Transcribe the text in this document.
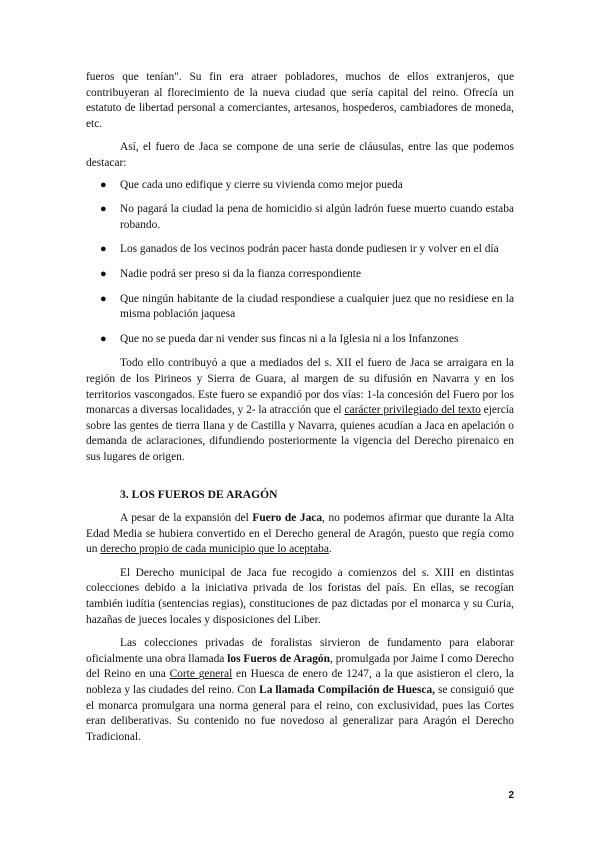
fueros que tenían". Su fin era atraer pobladores, muchos de ellos extranjeros, que contribuyeran al florecimiento de la nueva ciudad que sería capital del reino. Ofrecía un estatuto de libertad personal a comerciantes, artesanos, hospederos, cambiadores de moneda, etc.

Así, el fuero de Jaca se compone de una serie de cláusulas, entre las que podemos destacar:

● Que cada uno edifique y cierre su vivienda como mejor pueda
● No pagará la ciudad la pena de homicidio si algún ladrón fuese muerto cuando estaba robando.
● Los ganados de los vecinos podrán pacer hasta donde pudiesen ir y volver en el día
● Nadie podrá ser preso si da la fianza correspondiente
● Que ningún habitante de la ciudad respondiese a cualquier juez que no residiese en la misma población jaquesa
● Que no se pueda dar ni vender sus fincas ni a la Iglesia ni a los Infanzones

Todo ello contribuyó a que a mediados del s. XII el fuero de Jaca se arraigara en la región de los Pirineos y Sierra de Guara, al margen de su difusión en Navarra y en los territorios vascongados. Este fuero se expandió por dos vías: 1-la concesión del Fuero por los monarcas a diversas localidades, y 2- la atracción que el carácter privilegiado del texto ejercía sobre las gentes de tierra llana y de Castilla y Navarra, quienes acudían a Jaca en apelación o demanda de aclaraciones, difundiendo posteriormente la vigencia del Derecho pirenaico en sus lugares de origen.

3. LOS FUEROS DE ARAGÓN

A pesar de la expansión del Fuero de Jaca, no podemos afirmar que durante la Alta Edad Media se hubiera convertido en el Derecho general de Aragón, puesto que regía como un derecho propio de cada municipio que lo aceptaba.

El Derecho municipal de Jaca fue recogido a comienzos del s. XIII en distintas colecciones debido a la iniciativa privada de los foristas del país. En ellas, se recogían también iudítia (sentencias regias), constituciones de paz dictadas por el monarca y su Curia, hazañas de jueces locales y disposiciones del Liber.

Las colecciones privadas de foralistas sirvieron de fundamento para elaborar oficialmente una obra llamada los Fueros de Aragón, promulgada por Jaime I como Derecho del Reino en una Corte general en Huesca de enero de 1247, a la que asistieron el clero, la nobleza y las ciudades del reino. Con La llamada Compilación de Huesca, se consiguió que el monarca promulgara una norma general para el reino, con exclusividad, pues las Cortes eran deliberativas. Su contenido no fue novedoso al generalizar para Aragón el Derecho Tradicional.

2
